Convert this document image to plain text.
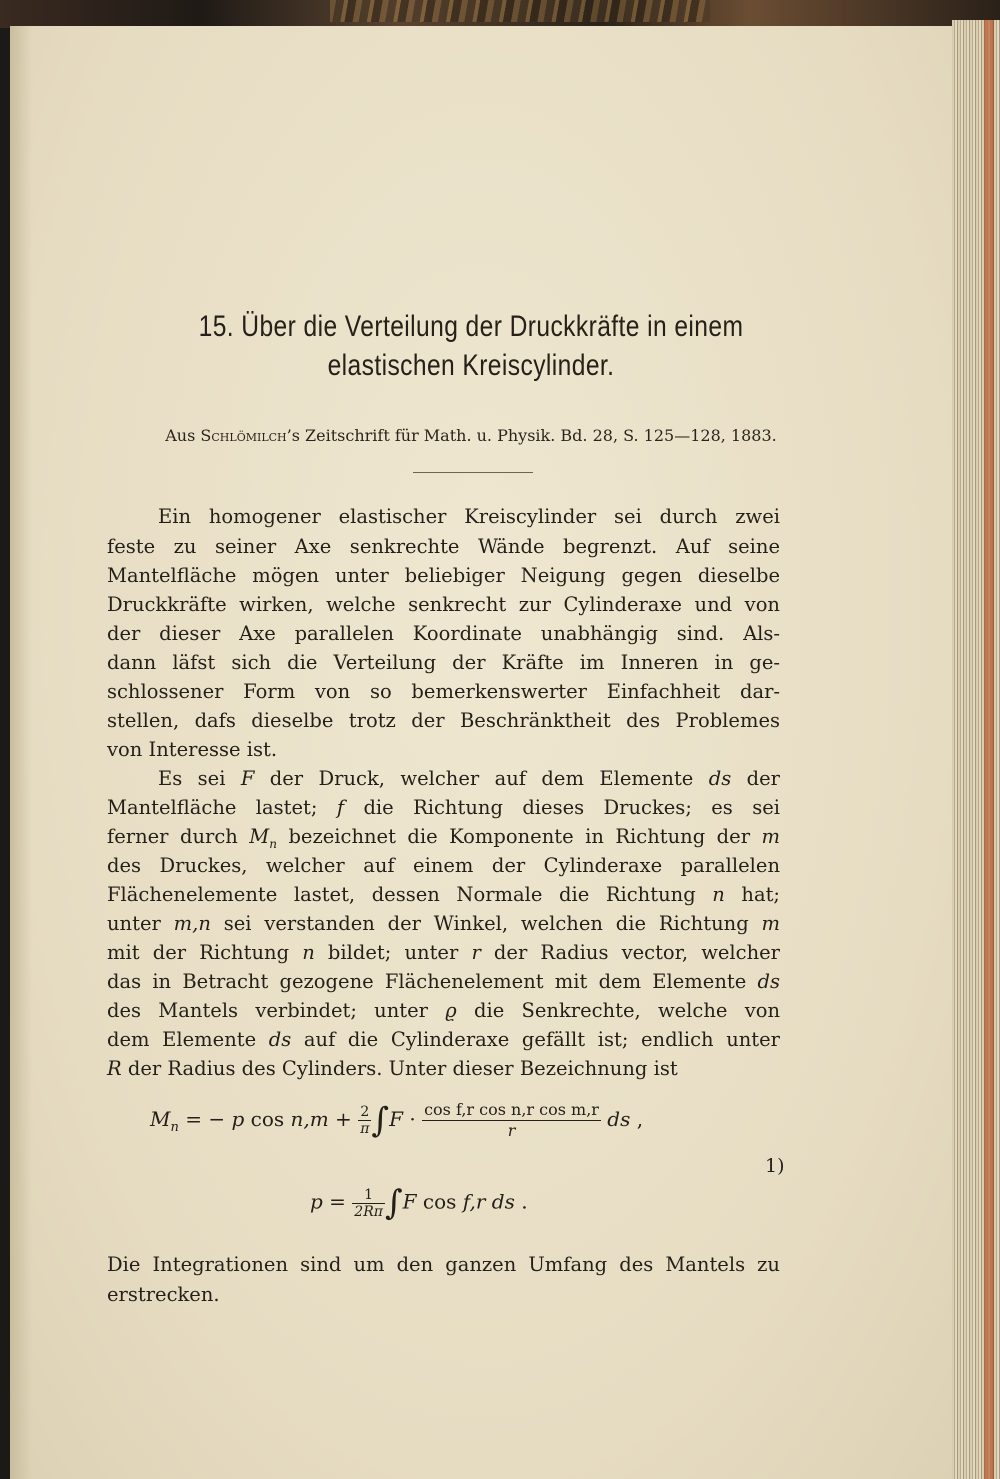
15. Über die Verteilung der Druckkräfte in einem
elastischen Kreiscylinder.
Aus Schlömilch’s Zeitschrift für Math. u. Physik. Bd. 28, S. 125—128, 1883.
Ein homogener elastischer Kreiscylinder sei durch zwei
feste zu seiner Axe senkrechte Wände begrenzt. Auf seine
Mantelfläche mögen unter beliebiger Neigung gegen dieselbe
Druckkräfte wirken, welche senkrecht zur Cylinderaxe und von
der dieser Axe parallelen Koordinate unabhängig sind. Als-
dann läfst sich die Verteilung der Kräfte im Inneren in ge-
schlossener Form von so bemerkenswerter Einfachheit dar-
stellen, dafs dieselbe trotz der Beschränktheit des Problemes
von Interesse ist.
Es sei F der Druck, welcher auf dem Elemente ds der
Mantelfläche lastet; f die Richtung dieses Druckes; es sei
ferner durch $M_n$ bezeichnet die Komponente in Richtung der m
des Druckes, welcher auf einem der Cylinderaxe parallelen
Flächenelemente lastet, dessen Normale die Richtung n hat;
unter m,n sei verstanden der Winkel, welchen die Richtung m
mit der Richtung n bildet; unter r der Radius vector, welcher
das in Betracht gezogene Flächenelement mit dem Elemente ds
des Mantels verbindet; unter ϱ die Senkrechte, welche von
dem Elemente ds auf die Cylinderaxe gefällt ist; endlich unter
R der Radius des Cylinders. Unter dieser Bezeichnung ist
$M_n$ = − p $\cos n,m + \frac{2}{\pi} \int F \cdot \frac{\text{cos f,r cos n,r cos m,r}}{r}$ ds ,
1)
$p = \frac{1}{2R\pi} \int F$ cos f,r ds .
Die Integrationen sind um den ganzen Umfang des Mantels zu
erstrecken.
